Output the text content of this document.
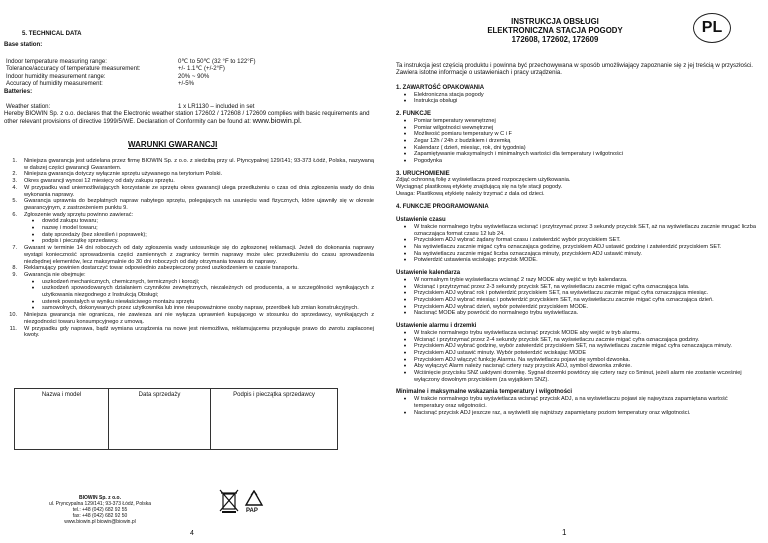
5. TECHNICAL DATA
Base station:
Indoor temperature measuring range:	0℃ to 50℃ (32 °F to 122°F)
Tolerance/accuracy of temperature measurement:	+/- 1.1℃ (+/-2°F)
Indoor humidity measurement range:	20% ~ 90%
Accuracy of humidity measurement:	+/-5%
Batteries:
Weather station:	1 x LR1130 – included in set
Hereby BIOWIN Sp. z o.o. declares that the Electronic weather station 172602 / 172608 / 172609 complies with basic requirements and other relevant provisions of directive 1999/5/WE. Declaration of Conformity can be found at: www.biowin.pl.
WARUNKI GWARANCJI
1.	Niniejsza gwarancja jest udzielana przez firmę BIOWIN Sp. z o.o. z siedzibą przy ul. Ptyncypalnej 129/141; 93-373 Łódź, Polska, nazywaną w dalszej części gwarancji Gwarantem.
2.	Niniejsza gwarancja dotyczy wyłącznie sprzętu używanego na terytorium Polski.
3.	Okres gwarancji wynosi 12 miesięcy od daty zakupu sprzętu.
4.	W przypadku wad uniemożliwiających korzystanie ze sprzętu okres gwarancji ulega przedłużeniu o czas od dnia zgłoszenia wady do dnia wykonania naprawy.
5.	Gwarancja uprawnia do bezpłatnych napraw nabytego sprzętu, polegających na usunięciu wad fizycznych, które ujawniły się w okresie gwarancyjnym, z zastrzeżeniem punktu 9.
6.	Zgłoszenie wady sprzętu powinno zawierać:
●	dowód zakupu towaru;
●	nazwę i model towaru;
●	datę sprzedaży (bez skreśleń i poprawek);
●	podpis i pieczątkę sprzedawcy.
7.	Gwarant w terminie 14 dni roboczych od daty zgłoszenia wady ustosunkuje się do zgłoszonej reklamacji. Jeżeli do dokonania naprawy wystąpi konieczność sprowadzenia części zamiennych z zagranicy termin naprawy może ulec przedłużeniu do czasu sprowadzenia niezbędnej elementów, lecz maksymalnie do 30 dni roboczych od daty otrzymania towaru do naprawy.
8.	Reklamujący powinien dostarczyć towar odpowiednio zabezpieczony przed uszkodzeniem w czasie transportu.
9.	Gwarancja nie obejmuje:
●	uszkodzeń mechanicznych, chemicznych, termicznych i korozji;
●	uszkodzeń spowodowanych działaniem czynników zewnętrznych, niezależnych od producenta, a w szczególności wynikających z użytkowania niezgodnego z Instrukcją Obsługi;
●	usterek powstałych w wyniku niewłaściwego montażu sprzętu
●	samowolnych, dokonywanych przez użytkownika lub inne nieupoważnione osoby napraw, przeróbek lub zmian konstrukcyjnych.
10.	Niniejsza gwarancja nie ogranicza, nie zawiesza ani nie wyłącza uprawnień kupującego w stosunku do sprzedawcy, wynikających z niezgodności towaru konsumpcyjnego z umową.
11.	W przypadku gdy naprawa, bądź wymiana urządzenia na nowe jest niemożliwa, reklamującemu przysługuje prawo do zwrotu zapłaconej kwoty.
Nazwa i model	Data sprzedaży	Podpis i pieczątka sprzedawcy
BIOWIN Sp. z o.o.
ul. Pryncypalna 129/141; 93-373 Łódź, Polska
tel.: +48 (042) 682 92 55
fax: +48 (042) 682 92 50
www.biowin.pl biowin@biowin.pl
PAP
4
INSTRUKCJA OBSŁUGI
ELEKTRONICZNA STACJA POGODY
172608, 172602, 172609
PL
Ta instrukcja jest częścią produktu i powinna być przechowywana w sposób umożliwiający zapoznanie się z jej treścią w przyszłości. Zawiera istotne informacje o ustawieniach i pracy urządzenia.
1. ZAWARTOŚĆ OPAKOWANIA
●	Elektroniczna stacja pogody
●	Instrukcja obsługi
2. FUNKCJE
●	Pomiar temperatury wewnętrznej
●	Pomiar wilgotności wewnętrznej
●	Możliwość pomiaru temperatury w C i F
●	Zegar 12h / 24h z budzikiem i drzemką
●	Kalendarz ( dzień, miesiąc, rok, dni tygodnia)
●	Zapamiętywanie maksymalnych i minimalnych wartości dla temperatury i wilgotności
●	Pogodynka
3. URUCHOMIENIE
Zdjąć ochronną folię z wyświetlacza przed rozpoczęciem użytkowania.
Wyciągnąć plastikową etykietę znajdującą się na tyle stacji pogody.
Uwaga: Plastikową etykietę należy trzymać z dala od dzieci.
4. FUNKCJE PROGRAMOWANIA
Ustawienie czasu
●	W trakcie normalnego trybu wyświetlacza wcisnąć i przytrzymać przez 3 sekundy przycisk SET, aż na wyświetlaczu zacznie mrugać liczba oznaczająca format czasu 12 lub 24.
●	Przyciskiem ADJ wybrać żądany format czasu i zatwierdzić wybór przyciskiem SET.
●	Na wyświetlaczu zacznie migać cyfra oznaczająca godzinę, przyciskiem ADJ ustawić godzinę i zatwierdzić przyciskiem SET.
●	Na wyświetlaczu zacznie migać liczba oznaczająca minuty, przyciskiem ADJ ustawić minuty.
●	Potwierdzić ustawienia wciskając przycisk MODE.
Ustawienie kalendarza
●	W normalnym trybie wyświetlacza wcisnąć 2 razy MODE aby wejść w tryb kalendarza.
●	Wcisnąć i przytrzymać przez 2-3 sekundy przycisk SET, na wyświetlaczu zacznie migać cyfra oznaczająca lata.
●	Przyciskiem ADJ wybrać rok i potwierdzić przyciskiem SET, na wyświetlaczu zacznie migać cyfra oznaczająca miesiąc.
●	Przyciskiem ADJ wybrać miesiąc i potwierdzić przyciskiem SET, na wyświetlaczu zacznie migać cyfra oznaczająca dzień.
●	Przyciskiem ADJ wybrać dzień, wybór potwierdzić przyciskiem MODE.
●	Nacisnąć MODE aby powrócić do normalnego trybu wyświetlacza.
Ustawienie alarmu i drzemki
●	W trakcie normalnego trybu wyświetlacza wcisnąć przycisk MODE aby wejść w tryb alarmu.
●	Wcisnąć i przytrzymać przez 2-4 sekundy przycisk SET, na wyświetlaczu zacznie migać cyfra oznaczająca godziny.
●	Przyciskiem ADJ wybrać godzinę, wybór zatwierdzić przyciskiem SET, na wyświetlaczu zacznie migać cyfra oznaczająca minuty.
●	Przyciskiem ADJ ustawić minuty. Wybór potwierdzić wciskając MODE
●	Przyciskiem ADJ włączyć funkcję Alarmu. Na wyświetlaczu pojawi się symbol dzwonka.
●	Aby wyłączyć Alarm należy nacisnąć cztery razy przycisk ADJ, symbol dzwonka zniknie.
●	Wciśnięcie przycisku SNZ uaktywni drzemkę. Sygnał drzemki powtórzy się cztery razy co 5minut, jeżeli alarm nie zostanie wcześniej wyłączony dowolnym przyciskiem (za wyjątkiem SNZ).
Minimalne i maksymalne wskazania temperatury i wilgotności
●	W trakcie normalnego trybu wyświetlacza wcisnąć przycisk ADJ, a na wyświetlaczu pojawi się najwyższa zapamiętana wartość temperatury oraz wilgotności.
●	Nacisnąć przycisk ADJ jeszcze raz, a wyświetli się najniższy zapamiętany poziom temperatury oraz wilgotności.
1
